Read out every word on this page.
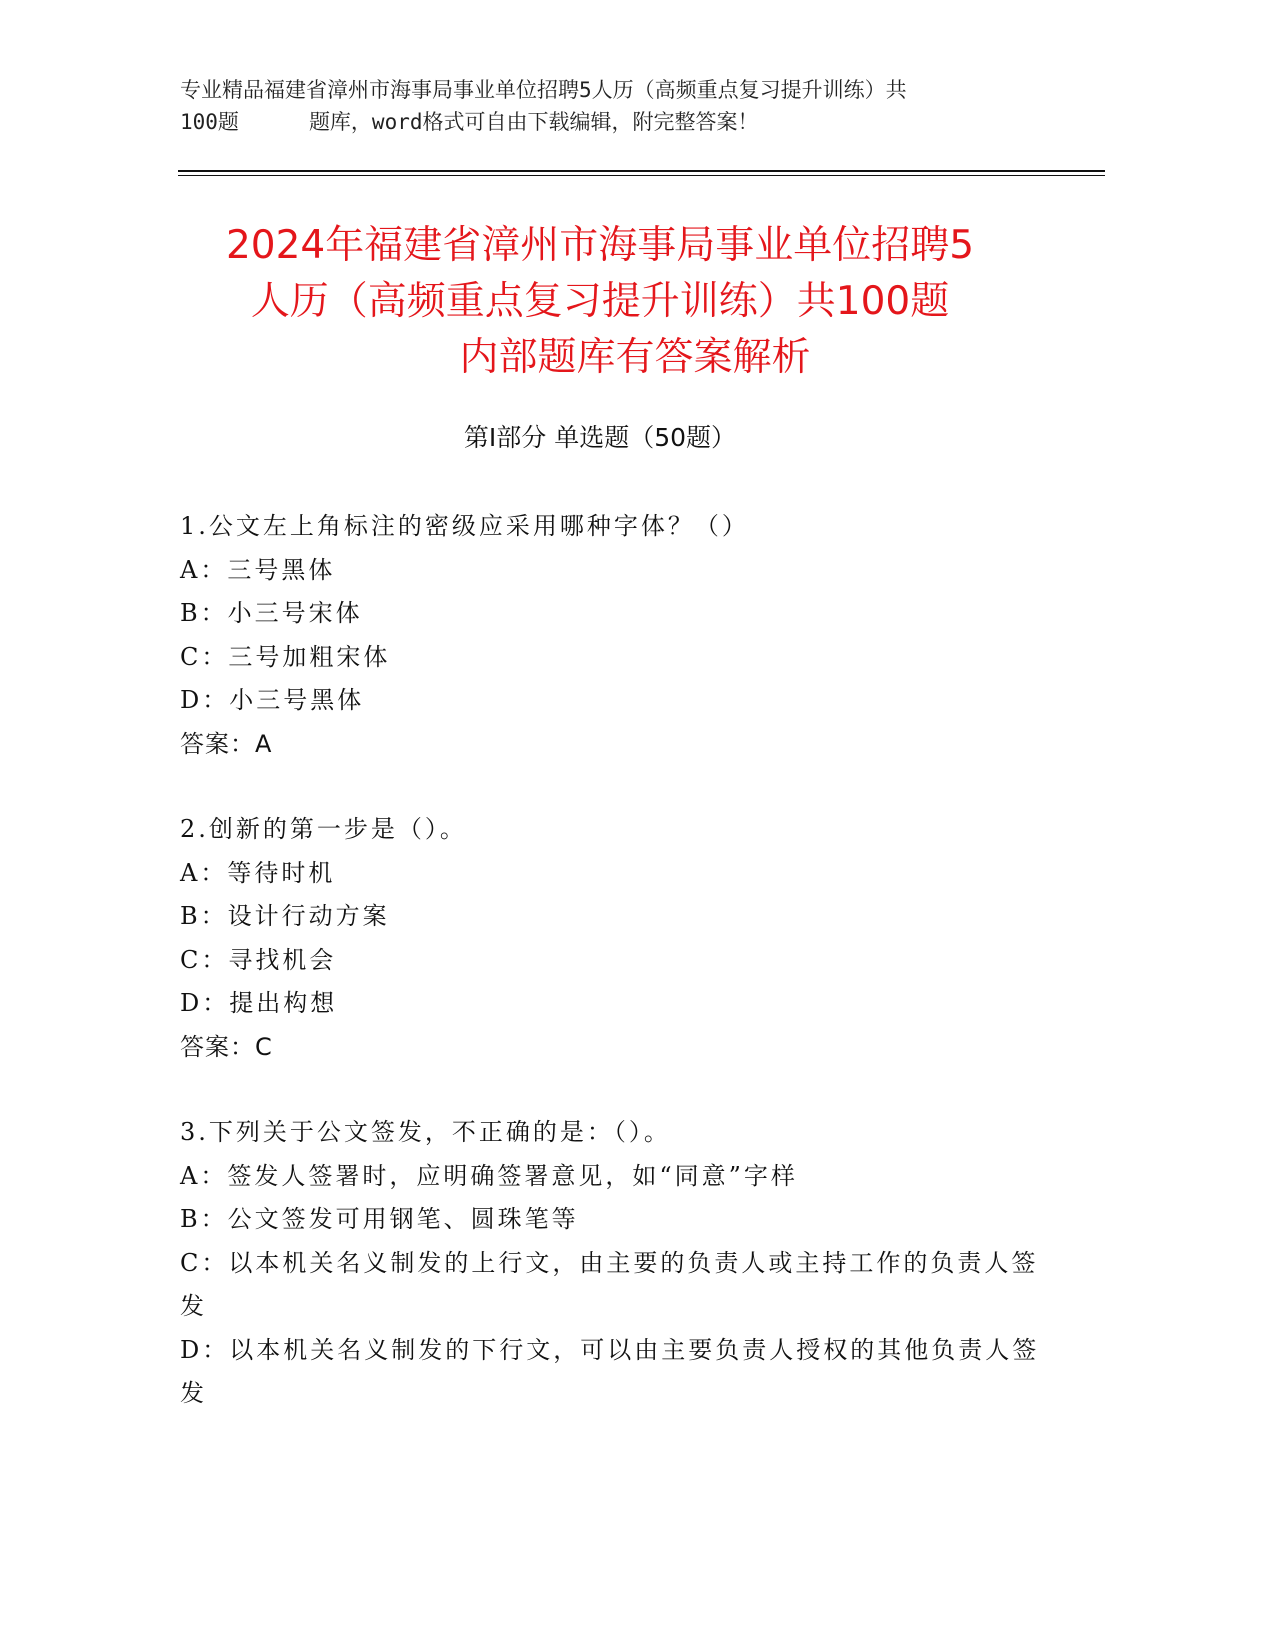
专业精品福建省漳州市海事局事业单位招聘5人历（高频重点复习提升训练）共
100题	题库，word格式可自由下载编辑，附完整答案！
2024年福建省漳州市海事局事业单位招聘5
人历（高频重点复习提升训练）共100题
内部题库有答案解析
第Ⅰ部分 单选题（50题）
1.公文左上角标注的密级应采用哪种字体？（）
A：三号黑体
B：小三号宋体
C：三号加粗宋体
D：小三号黑体
答案：A
2.创新的第一步是（）。
A：等待时机
B：设计行动方案
C：寻找机会
D：提出构想
答案：C
3.下列关于公文签发，不正确的是：（）。
A：签发人签署时，应明确签署意见，如“同意”字样
B：公文签发可用钢笔、圆珠笔等
C：以本机关名义制发的上行文，由主要的负责人或主持工作的负责人签发
D：以本机关名义制发的下行文，可以由主要负责人授权的其他负责人签发
